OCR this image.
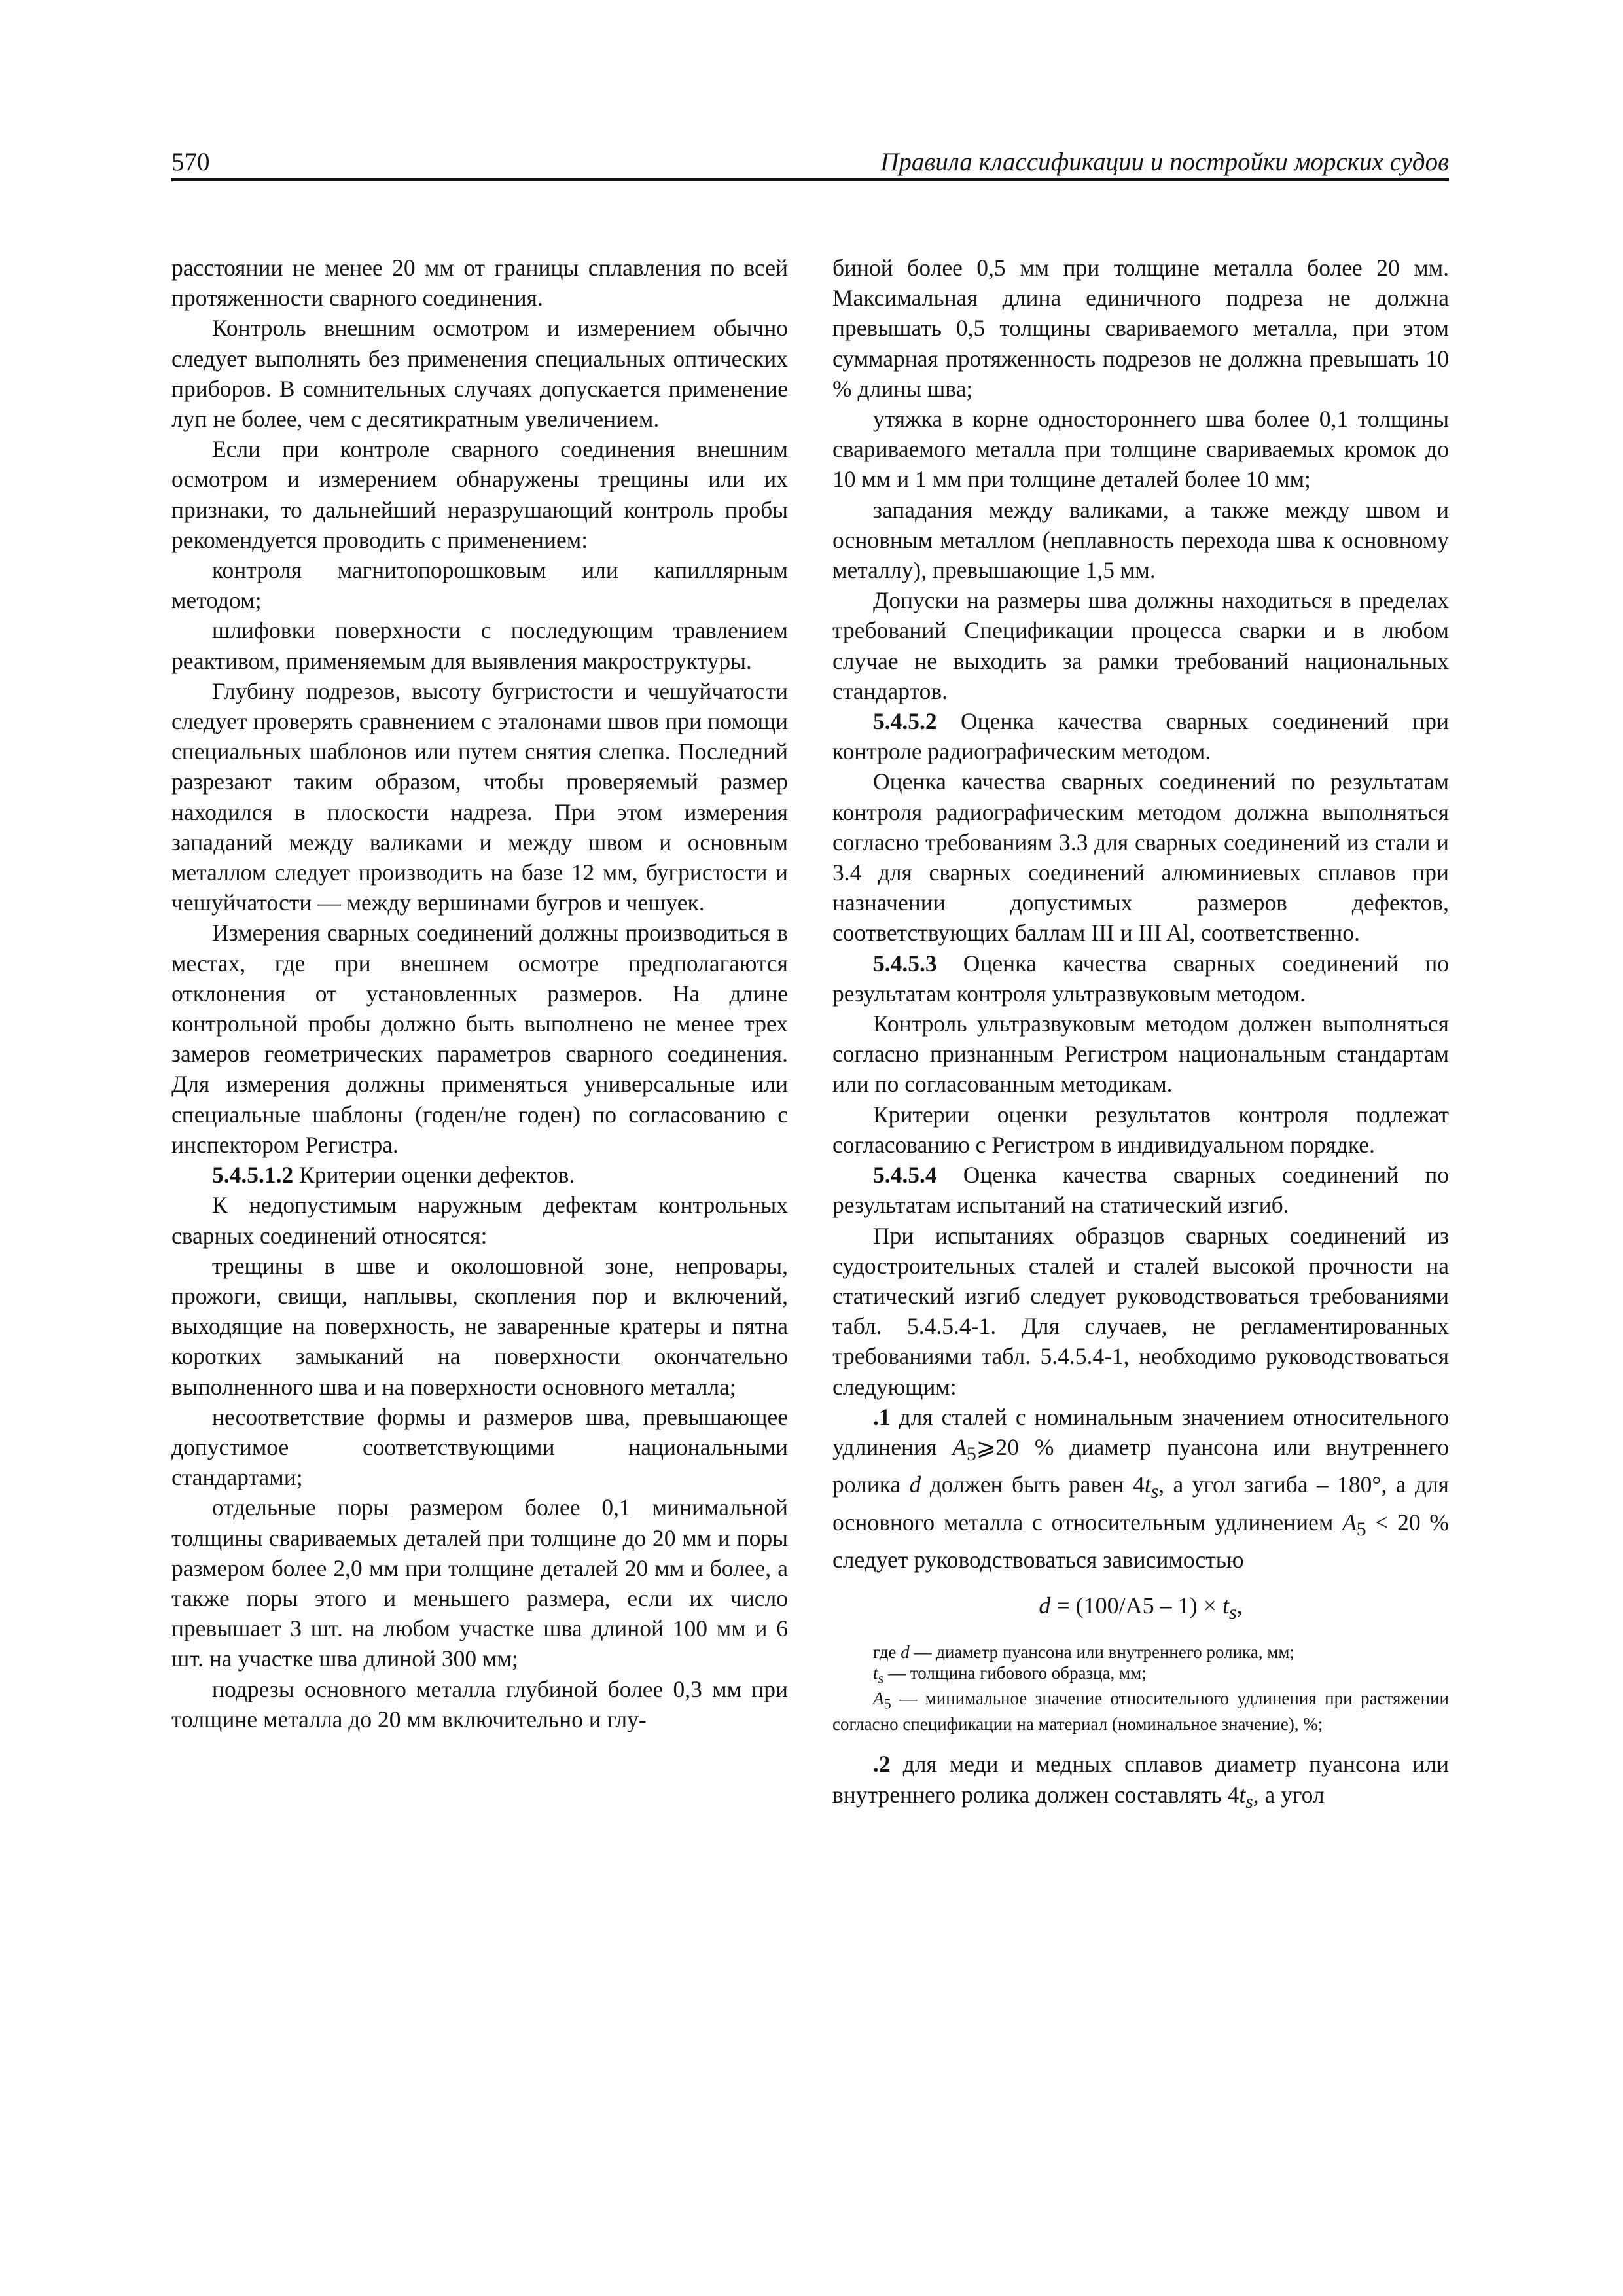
570	Правила классификации и постройки морских судов

расстоянии не менее 20 мм от границы сплавления по всей протяженности сварного соединения.

Контроль внешним осмотром и измерением обычно следует выполнять без применения специальных оптических приборов. В сомнительных случаях допускается применение луп не более, чем с десятикратным увеличением.

Если при контроле сварного соединения внешним осмотром и измерением обнаружены трещины или их признаки, то дальнейший неразрушающий контроль пробы рекомендуется проводить с применением:

контроля магнитопорошковым или капиллярным методом;

шлифовки поверхности с последующим травлением реактивом, применяемым для выявления макроструктуры.

Глубину подрезов, высоту бугристости и чешуйчатости следует проверять сравнением с эталонами швов при помощи специальных шаблонов или путем снятия слепка. Последний разрезают таким образом, чтобы проверяемый размер находился в плоскости надреза. При этом измерения западаний между валиками и между швом и основным металлом следует производить на базе 12 мм, бугристости и чешуйчатости — между вершинами бугров и чешуек.

Измерения сварных соединений должны производиться в местах, где при внешнем осмотре предполагаются отклонения от установленных размеров. На длине контрольной пробы должно быть выполнено не менее трех замеров геометрических параметров сварного соединения. Для измерения должны применяться универсальные или специальные шаблоны (годен/не годен) по согласованию с инспектором Регистра.

5.4.5.1.2 Критерии оценки дефектов.

К недопустимым наружным дефектам контрольных сварных соединений относятся:

трещины в шве и околошовной зоне, непровары, прожоги, свищи, наплывы, скопления пор и включений, выходящие на поверхность, не заваренные кратеры и пятна коротких замыканий на поверхности окончательно выполненного шва и на поверхности основного металла;

несоответствие формы и размеров шва, превышающее допустимое соответствующими национальными стандартами;

отдельные поры размером более 0,1 минимальной толщины свариваемых деталей при толщине до 20 мм и поры размером более 2,0 мм при толщине деталей 20 мм и более, а также поры этого и меньшего размера, если их число превышает 3 шт. на любом участке шва длиной 100 мм и 6 шт. на участке шва длиной 300 мм;

подрезы основного металла глубиной более 0,3 мм при толщине металла до 20 мм включительно и глу-

биной более 0,5 мм при толщине металла более 20 мм. Максимальная длина единичного подреза не должна превышать 0,5 толщины свариваемого металла, при этом суммарная протяженность подрезов не должна превышать 10 % длины шва;

утяжка в корне одностороннего шва более 0,1 толщины свариваемого металла при толщине свариваемых кромок до 10 мм и 1 мм при толщине деталей более 10 мм;

западания между валиками, а также между швом и основным металлом (неплавность перехода шва к основному металлу), превышающие 1,5 мм.

Допуски на размеры шва должны находиться в пределах требований Спецификации процесса сварки и в любом случае не выходить за рамки требований национальных стандартов.

5.4.5.2 Оценка качества сварных соединений при контроле радиографическим методом.

Оценка качества сварных соединений по результатам контроля радиографическим методом должна выполняться согласно требованиям 3.3 для сварных соединений из стали и 3.4 для сварных соединений алюминиевых сплавов при назначении допустимых размеров дефектов, соответствующих баллам III и III Al, соответственно.

5.4.5.3 Оценка качества сварных соединений по результатам контроля ультразвуковым методом.

Контроль ультразвуковым методом должен выполняться согласно признанным Регистром национальным стандартам или по согласованным методикам.

Критерии оценки результатов контроля подлежат согласованию с Регистром в индивидуальном порядке.

5.4.5.4 Оценка качества сварных соединений по результатам испытаний на статический изгиб.

При испытаниях образцов сварных соединений из судостроительных сталей и сталей высокой прочности на статический изгиб следует руководствоваться требованиями табл. 5.4.5.4-1. Для случаев, не регламентированных требованиями табл. 5.4.5.4-1, необходимо руководствоваться следующим:

.1 для сталей с номинальным значением относительного удлинения $A_5⩾20$ % диаметр пуансона или внутреннего ролика d должен быть равен $4t_s$, а угол загиба – 180°, а для основного металла с относительным удлинением $A_5 < 20$ % следует руководствоваться зависимостью

$d = (100/A5 - 1) \times t_s$,

где d — диаметр пуансона или внутреннего ролика, мм;

$t_s$ — толщина гибового образца, мм;

$A_5$ — минимальное значение относительного удлинения при растяжении согласно спецификации на материал (номинальное значение), %;

.2 для меди и медных сплавов диаметр пуансона или внутреннего ролика должен составлять $4t_s$, а угол
